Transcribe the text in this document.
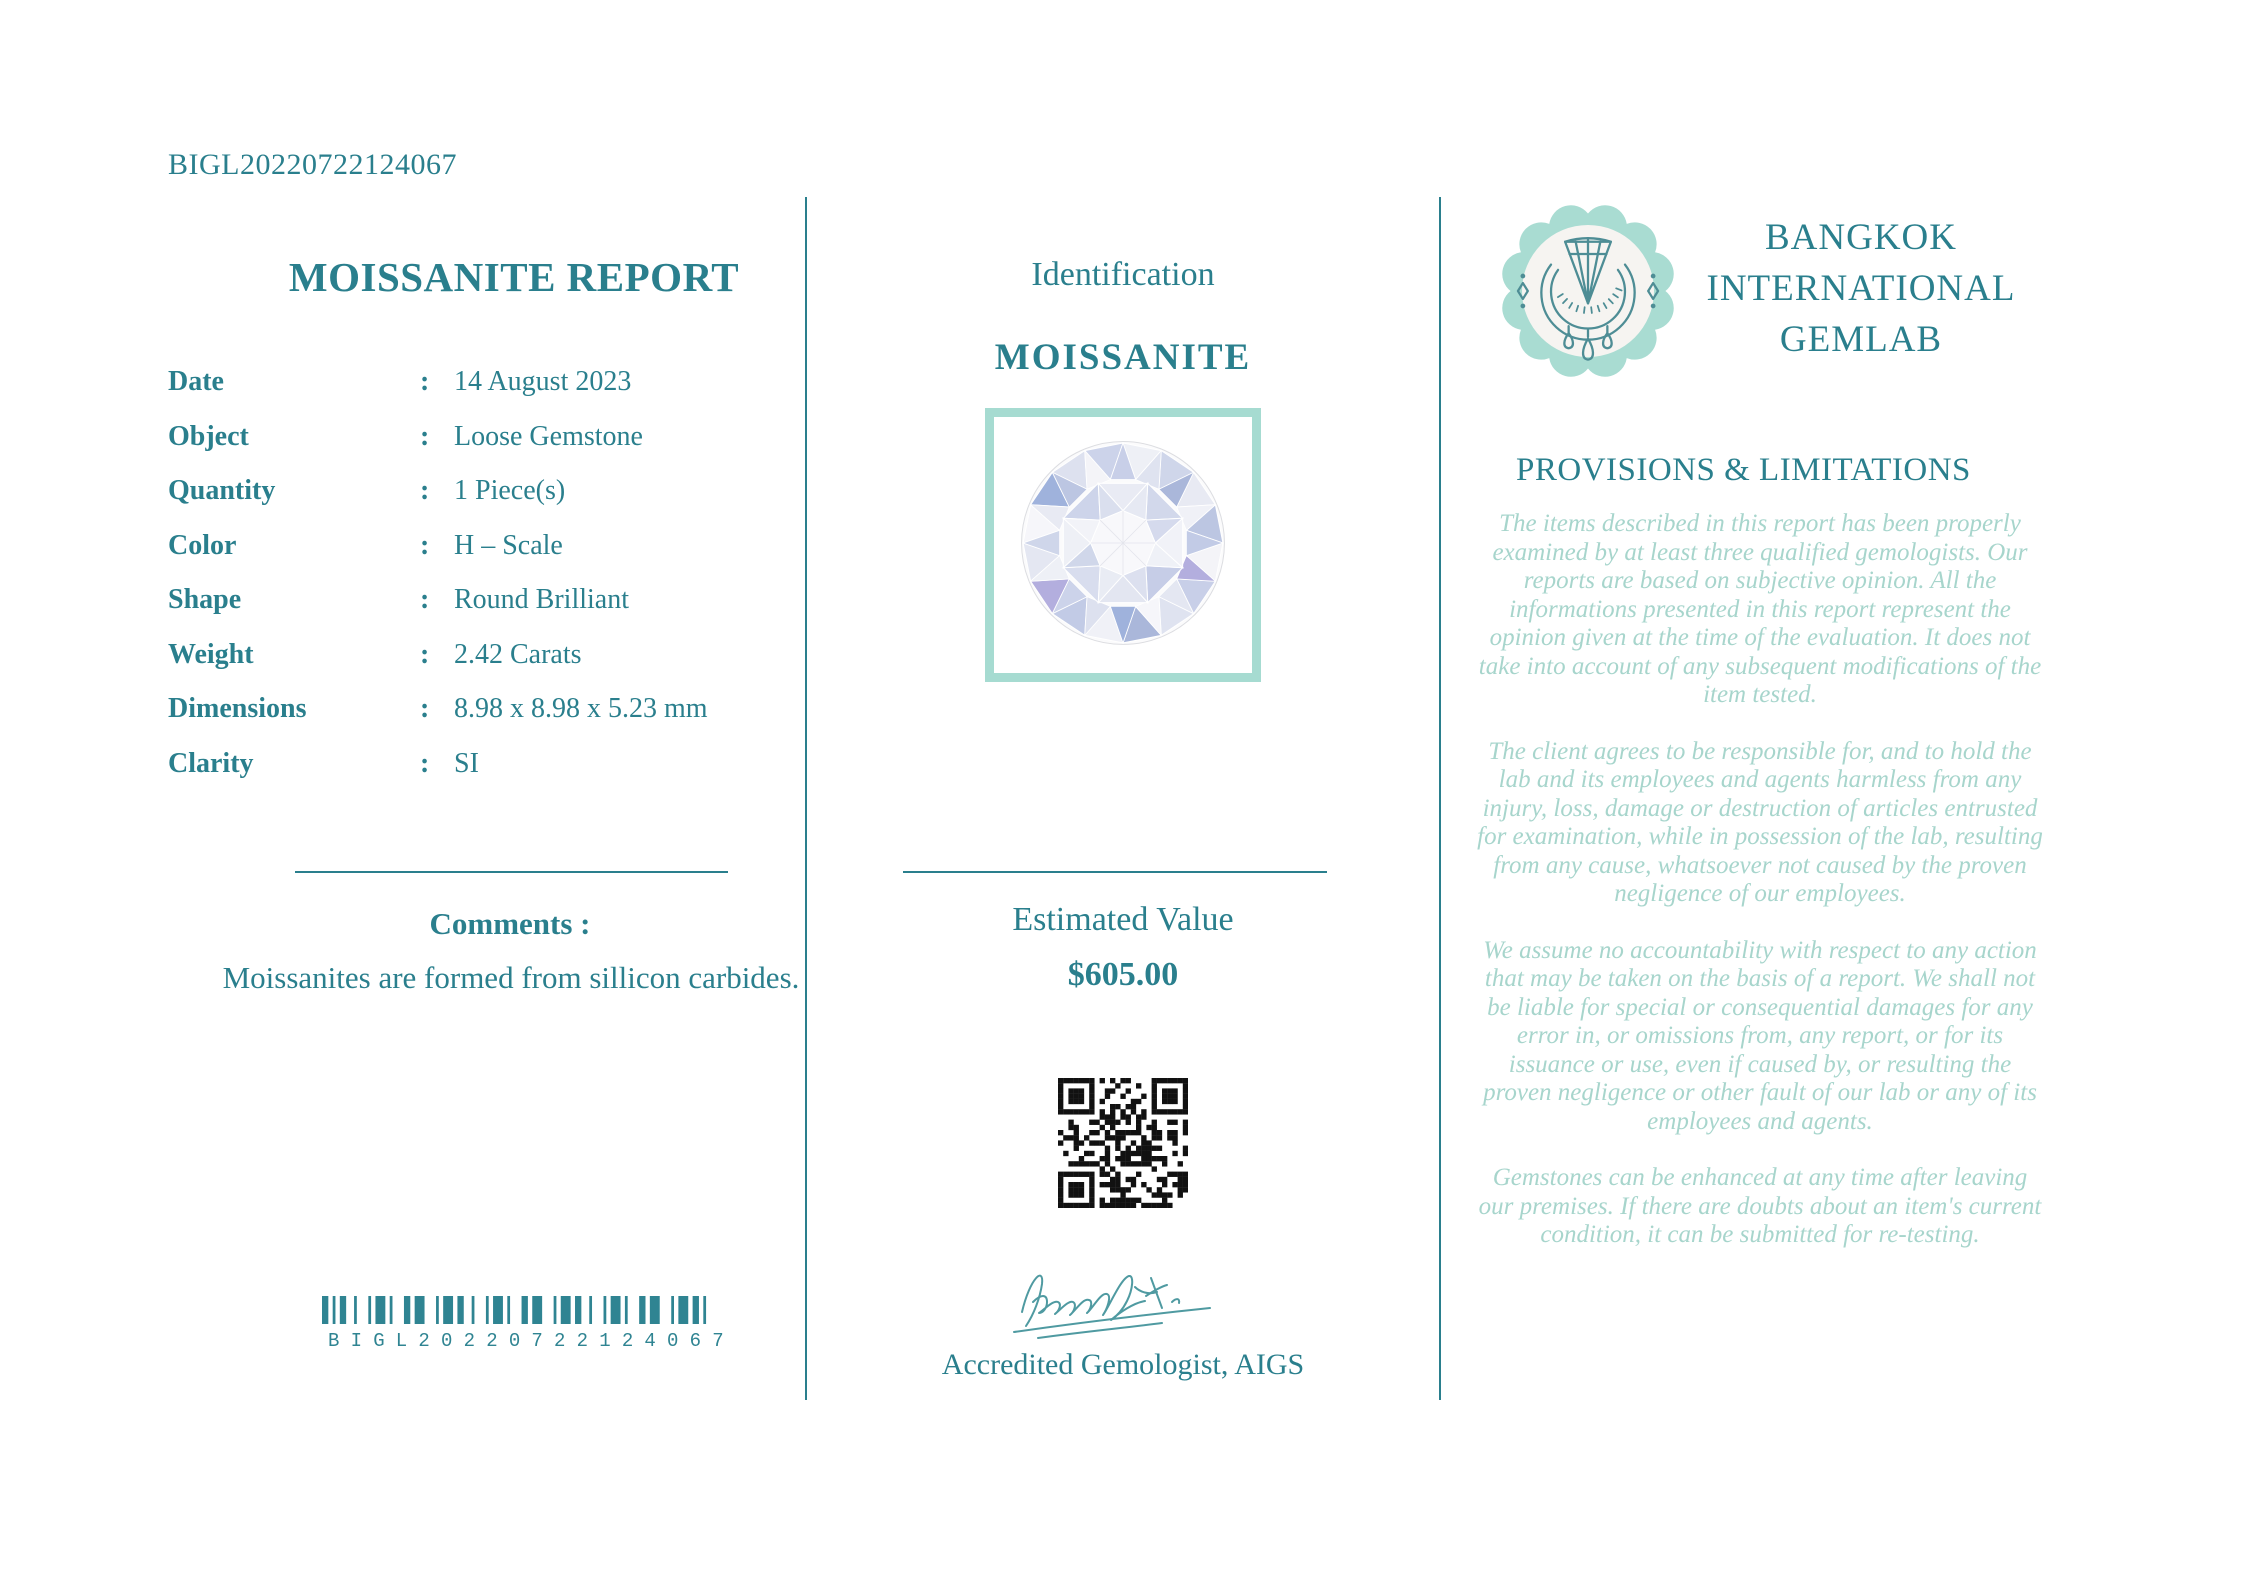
BIGL20220722124067
MOISSANITE REPORT
Date	: 14 August 2023
Object	: Loose Gemstone
Quantity	: 1 Piece(s)
Color	: H – Scale
Shape	: Round Brilliant
Weight	: 2.42 Carats
Dimensions	: 8.98 x 8.98 x 5.23 mm
Clarity	: SI
Comments :
Moissanites are formed from sillicon carbides.
BIGL20220722124067
Identification
MOISSANITE
Estimated Value
$605.00
Accredited Gemologist, AIGS
BANGKOK
INTERNATIONAL
GEMLAB
PROVISIONS & LIMITATIONS

The items described in this report has been properly examined by at least three qualified gemologists. Our reports are based on subjective opinion. All the informations presented in this report represent the opinion given at the time of the evaluation. It does not take into account of any subsequent modifications of the item tested.

The client agrees to be responsible for, and to hold the lab and its employees and agents harmless from any injury, loss, damage or destruction of articles entrusted for examination, while in possession of the lab, resulting from any cause, whatsoever not caused by the proven negligence of our employees.

We assume no accountability with respect to any action that may be taken on the basis of a report. We shall not be liable for special or consequential damages for any error in, or omissions from, any report, or for its issuance or use, even if caused by, or resulting the proven negligence or other fault of our lab or any of its employees and agents.

Gemstones can be enhanced at any time after leaving our premises. If there are doubts about an item's current condition, it can be submitted for re-testing.
